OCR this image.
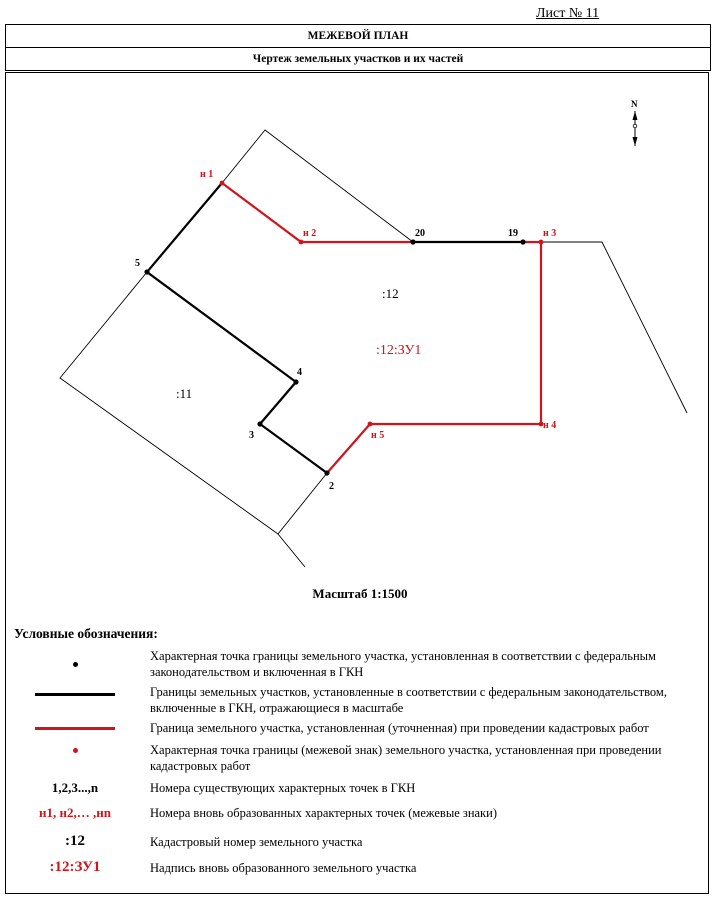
Лист № 11
МЕЖЕВОЙ ПЛАН
Чертеж земельных участков и их частей
5
4
3
2
20	19
н 1
н 2	н 3
н 4
н 5
:12
:11
:12:ЗУ1
N
Масштаб 1:1500
Условные обозначения:
Характерная точка границы земельного участка, установленная в соответствии с федеральным законодательством и включенная в ГКН
Границы земельных участков, установленные в соответствии с федеральным законодательством, включенные в ГКН, отражающиеся в масштабе
Граница земельного участка, установленная (уточненная) при проведении кадастровых работ
Характерная точка границы (межевой знак) земельного участка, установленная при проведении кадастровых работ
1,2,3...,n	Номера существующих характерных точек в ГКН
н1, н2,… ,нn	Номера вновь образованных характерных точек (межевые знаки)
:12	Кадастровый номер земельного участка
:12:ЗУ1	Надпись вновь образованного земельного участка
